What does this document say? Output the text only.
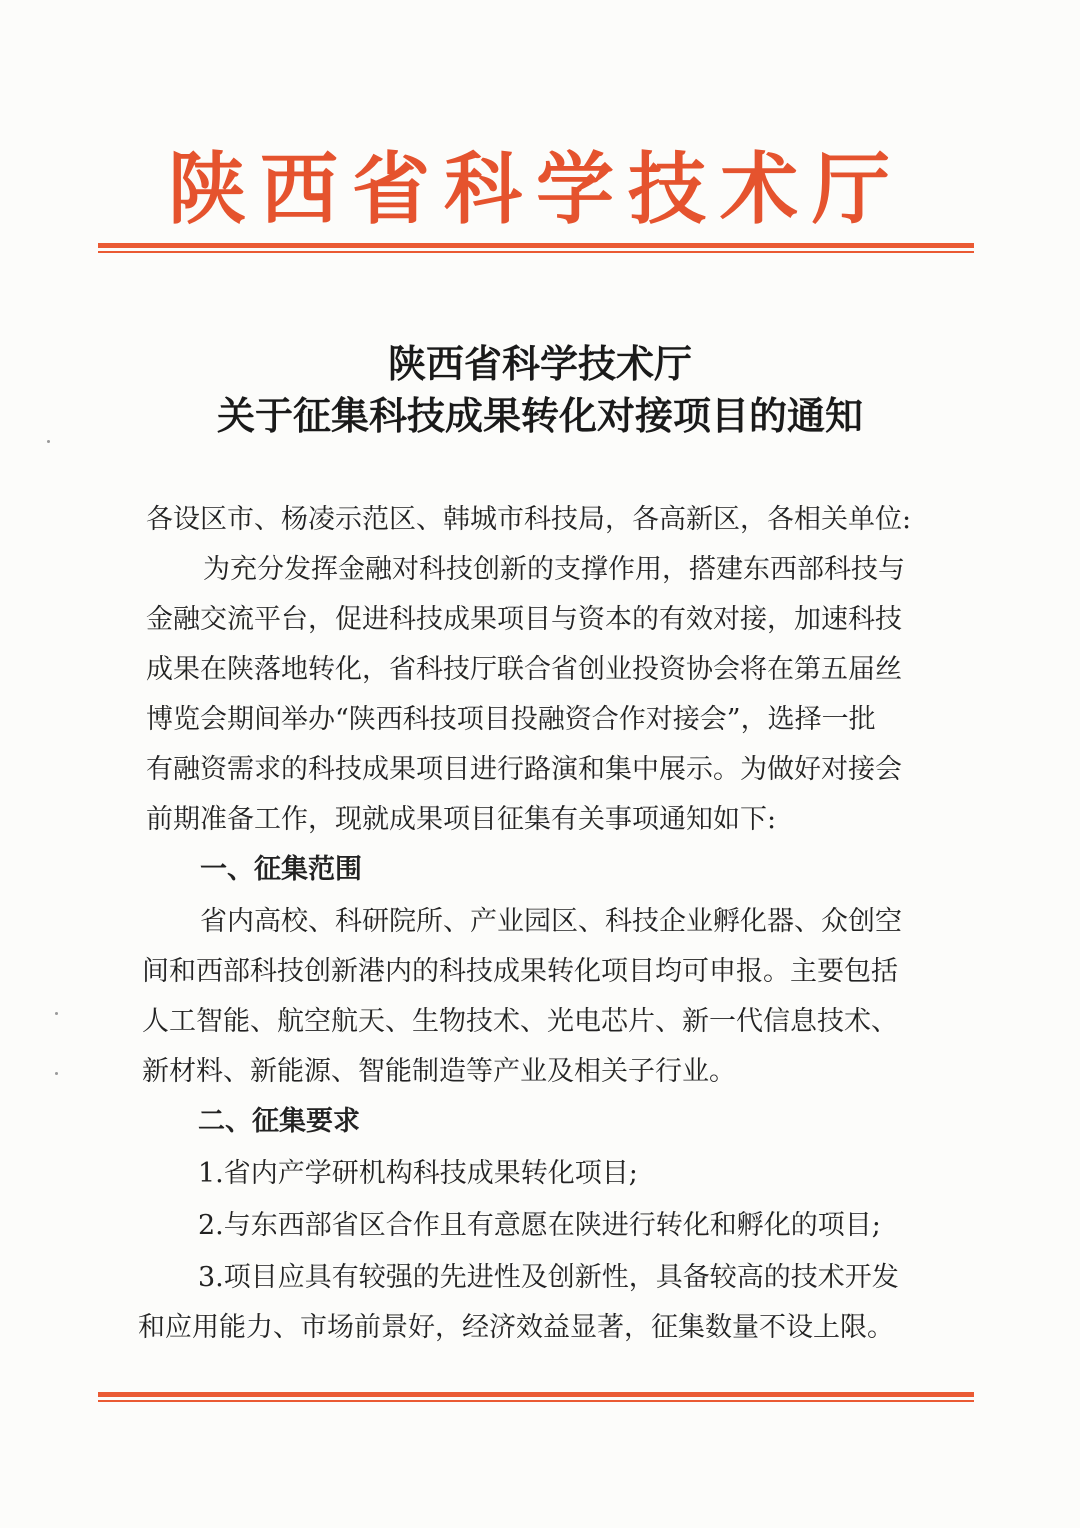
陕西省科学技术厅
陕西省科学技术厅
关于征集科技成果转化对接项目的通知
各设区市、杨凌示范区、韩城市科技局，各高新区，各相关单位:
为充分发挥金融对科技创新的支撑作用，搭建东西部科技与
金融交流平台，促进科技成果项目与资本的有效对接，加速科技
成果在陕落地转化，省科技厅联合省创业投资协会将在第五届丝
博览会期间举办“陕西科技项目投融资合作对接会”，选择一批
有融资需求的科技成果项目进行路演和集中展示。为做好对接会
前期准备工作，现就成果项目征集有关事项通知如下:
一、征集范围
省内高校、科研院所、产业园区、科技企业孵化器、众创空
间和西部科技创新港内的科技成果转化项目均可申报。主要包括
人工智能、航空航天、生物技术、光电芯片、新一代信息技术、
新材料、新能源、智能制造等产业及相关子行业。
二、征集要求
1.省内产学研机构科技成果转化项目;
2.与东西部省区合作且有意愿在陕进行转化和孵化的项目;
3.项目应具有较强的先进性及创新性，具备较高的技术开发
和应用能力、市场前景好，经济效益显著，征集数量不设上限。
